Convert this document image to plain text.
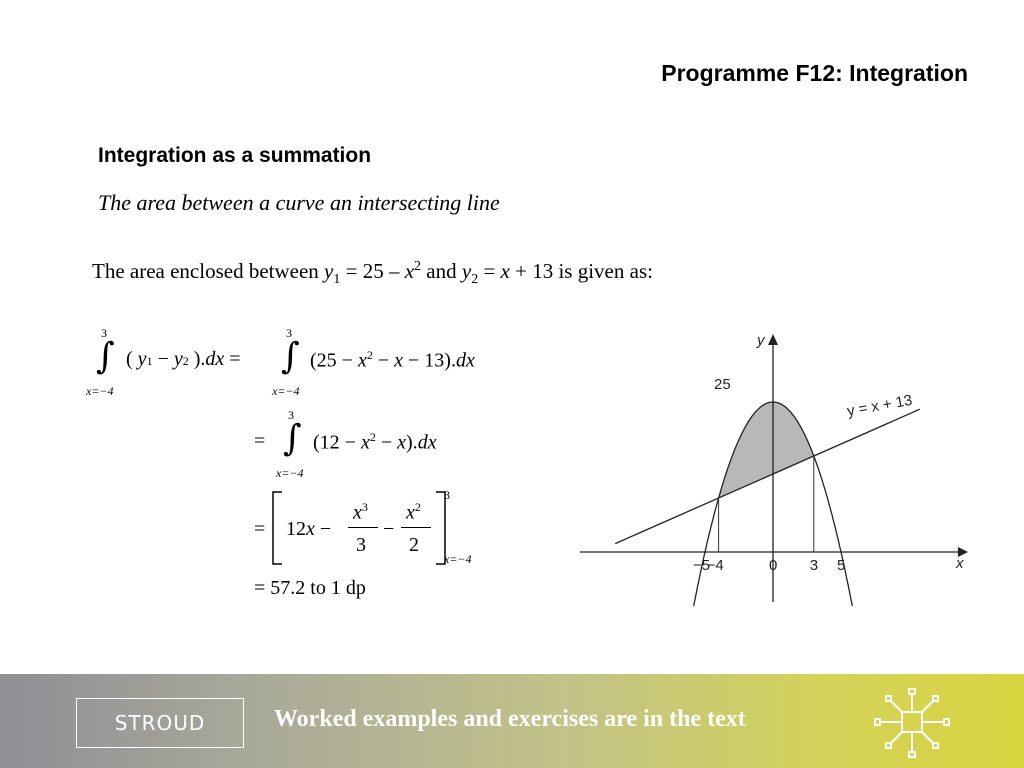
Programme F12: Integration
Integration as a summation
The area between a curve an intersecting line
The area enclosed between $y_1 = 25 - x^2$ and $y_2 = x + 13$ is given as:
3
∫
x=−4
( y1 − y2 ).dx =
3
∫
x=−4
$(25 - x^2 - x - 13).dx$
=
3
∫
x=−4
$(12 - x^2 - x).dx$
= 12x −
$x^3$
3
−
$x^2$
2
3
x=−4
= 57.2 to 1 dp
y
x
25
y = x + 13
−5
−4	0 3 5
STROUD	Worked examples and exercises are in the text
